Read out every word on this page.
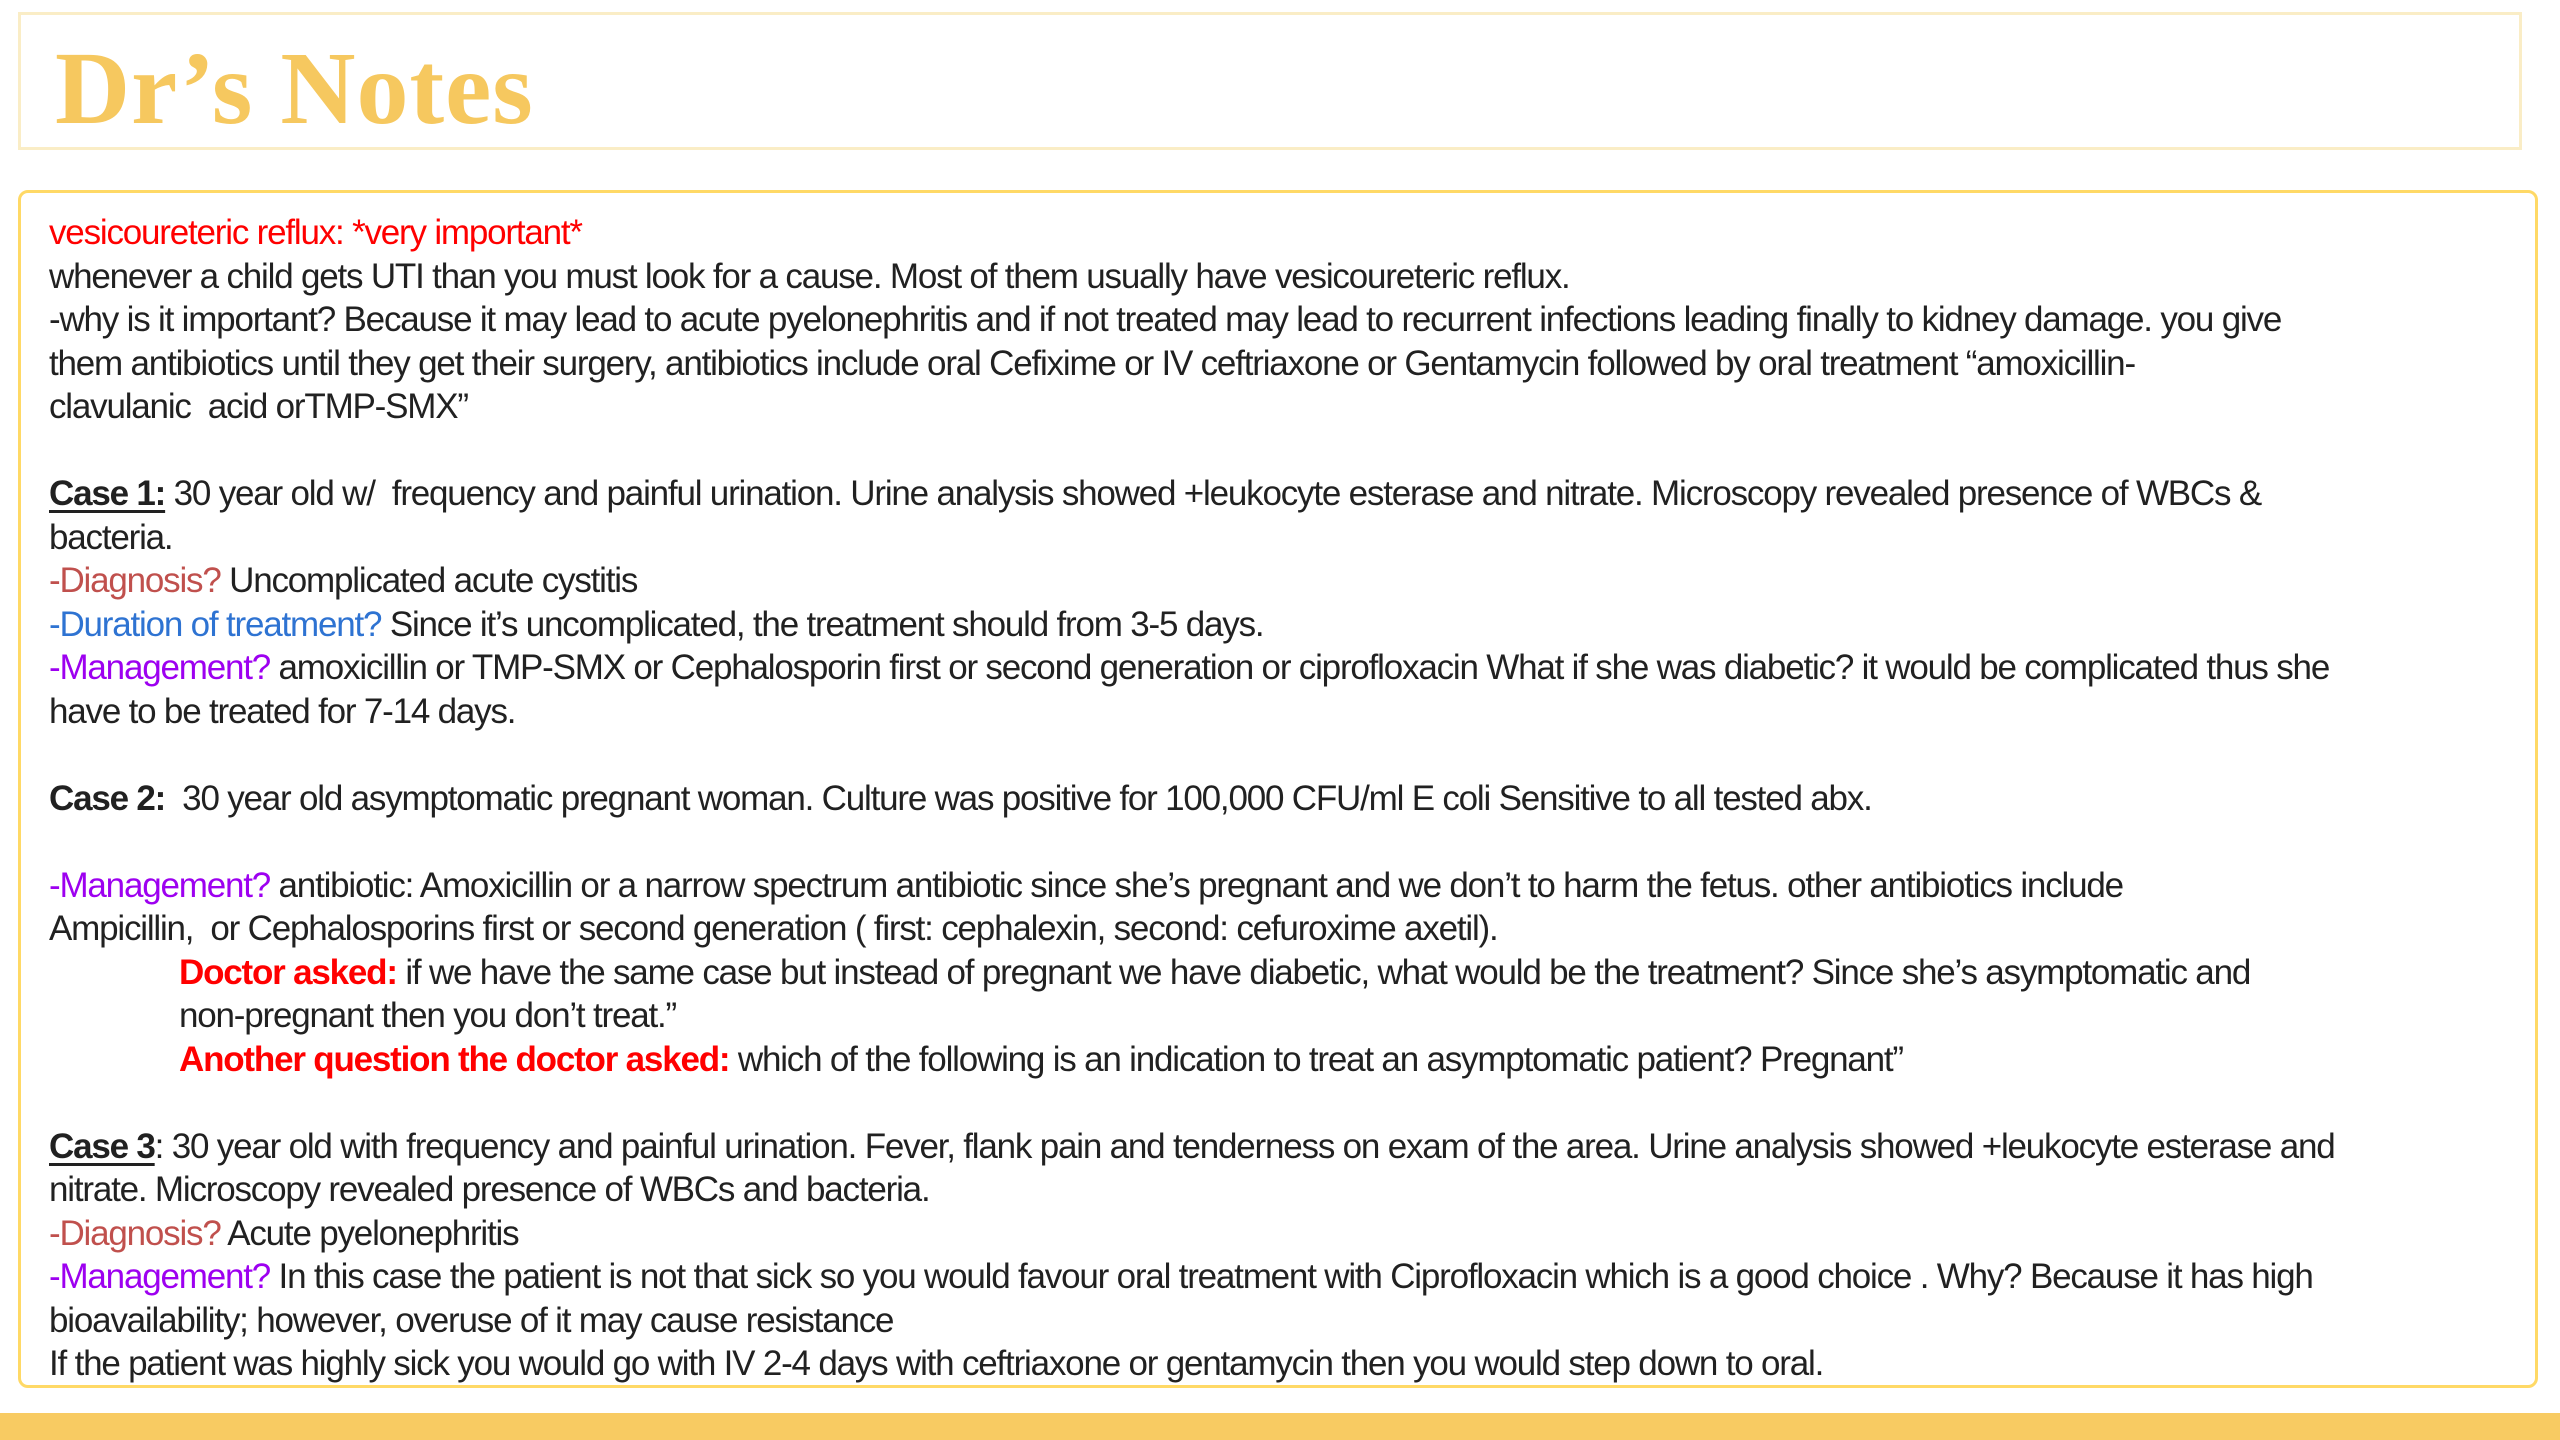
Dr’s Notes
vesicoureteric reflux: *very important*
whenever a child gets UTI than you must look for a cause. Most of them usually have vesicoureteric reflux.
-why is it important? Because it may lead to acute pyelonephritis and if not treated may lead to recurrent infections leading finally to kidney damage. you give
them antibiotics until they get their surgery, antibiotics include oral Cefixime or IV ceftriaxone or Gentamycin followed by oral treatment “amoxicillin-
clavulanic  acid orTMP-SMX”
Case 1: 30 year old w/  frequency and painful urination. Urine analysis showed +leukocyte esterase and nitrate. Microscopy revealed presence of WBCs &
bacteria.
-Diagnosis? Uncomplicated acute cystitis
-Duration of treatment? Since it’s uncomplicated, the treatment should from 3-5 days.
-Management? amoxicillin or TMP-SMX or Cephalosporin first or second generation or ciprofloxacin What if she was diabetic? it would be complicated thus she
have to be treated for 7-14 days.
Case 2:  30 year old asymptomatic pregnant woman. Culture was positive for 100,000 CFU/ml E coli Sensitive to all tested abx.
-Management? antibiotic: Amoxicillin or a narrow spectrum antibiotic since she’s pregnant and we don’t to harm the fetus. other antibiotics include
Ampicillin,  or Cephalosporins first or second generation ( first: cephalexin, second: cefuroxime axetil).
Doctor asked: if we have the same case but instead of pregnant we have diabetic, what would be the treatment? Since she’s asymptomatic and
non-pregnant then you don’t treat.”
Another question the doctor asked: which of the following is an indication to treat an asymptomatic patient? Pregnant”
Case 3: 30 year old with frequency and painful urination. Fever, flank pain and tenderness on exam of the area. Urine analysis showed +leukocyte esterase and
nitrate. Microscopy revealed presence of WBCs and bacteria.
-Diagnosis? Acute pyelonephritis
-Management? In this case the patient is not that sick so you would favour oral treatment with Ciprofloxacin which is a good choice . Why? Because it has high
bioavailability; however, overuse of it may cause resistance
If the patient was highly sick you would go with IV 2-4 days with ceftriaxone or gentamycin then you would step down to oral.
